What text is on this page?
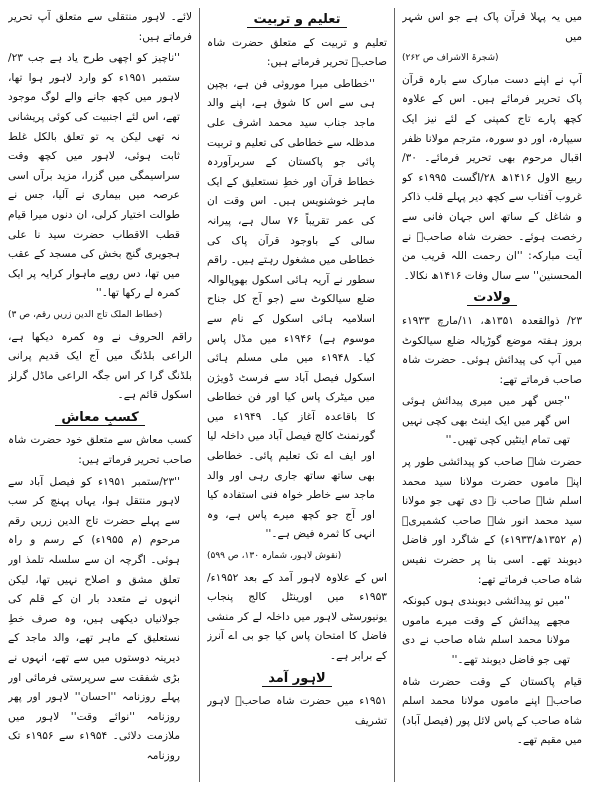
میں یہ پہلا قرآن پاک ہے جو اس شہر میں

(شجرۃ الاشراف ص ۲۶۲)

آپ نے اپنے دست مبارک سے بارہ قرآن پاک تحریر فرمائے ہیں۔ اس کے علاوہ کچھ پارے تاج کمپنی کے لئے نیز ایک سیپارہ، اور دو سورہ، مترجم مولانا ظفر اقبال مرحوم بھی تحریر فرمائے۔ ۳۰/ ربیع الاول ۱۴۱۶ھ ۲۸/اگست ۱۹۹۵ء کو غروب آفتاب سے کچھ دیر پہلے قلب ذاکر و شاغل کے ساتھ اس جہان فانی سے رخصت ہوئے۔ حضرت شاہ صاحبؒ نے آیت مبارکہ: ''ان رحمت اللہ قریب من المحسنین'' سے سال وفات ۱۴۱۶ھ نکالا۔

ولادت

۲۳/ ذوالقعدہ ۱۳۵۱ھ، ۱۱/مارچ ۱۹۳۳ء بروز ہفتہ موضع گوڑیالہ ضلع سیالکوٹ میں آپ کی پیدائش ہوئی۔ حضرت شاہ صاحب فرماتے تھے:

''جس گھر میں میری پیدائش ہوئی اس گھر میں ایک اینٹ بھی کچی نہیں تھی تمام اینٹیں کچی تھیں۔''

حضرت شاہ صاحب کو پیدائشی طور پر اپنے ماموں حضرت مولانا سید محمد اسلم شاہ صاحب نے دی تھی جو مولانا سید محمد انور شاہ صاحب کشمیریؒ (م ۱۳۵۲ھ/۱۹۳۳ء) کے شاگرد اور فاضل دیوبند تھے۔ اسی بنا پر حضرت نفیس شاہ صاحب فرماتے تھے:

''میں تو پیدائشی دیوبندی ہوں کیونکہ مجھے پیدائش کے وقت میرے ماموں مولانا محمد اسلم شاہ صاحب نے دی تھی جو فاضل دیوبند تھے۔''

قیام پاکستان کے وقت حضرت شاہ صاحبؒ اپنے ماموں مولانا محمد اسلم شاہ صاحب کے پاس لائل پور (فیصل آباد) میں مقیم تھے۔

تعلیم و تربیت

تعلیم و تربیت کے متعلق حضرت شاہ صاحبؒ تحریر فرماتے ہیں:

''خطاطی میرا موروثی فن ہے، بچپن ہی سے اس کا شوق ہے، اپنے والد ماجد جناب سید محمد اشرف علی مدظلہ سے خطاطی کی تعلیم و تربیت پائی جو پاکستان کے سربرآوردہ خطاط قرآن اور خطِ نستعلیق کے ایک ماہر خوشنویس ہیں۔ اس وقت ان کی عمر تقریباً ۷۶ سال ہے، پیرانہ سالی کے باوجود قرآن پاک کی خطاطی میں مشغول رہتے ہیں۔ راقم سطور نے آریہ ہائی اسکول بھوپالوالہ ضلع سیالکوٹ سے (جو آج کل جناح اسلامیہ ہائی اسکول کے نام سے موسوم ہے) ۱۹۴۶ء میں مڈل پاس کیا۔ ۱۹۴۸ء میں ملی مسلم ہائی اسکول فیصل آباد سے فرسٹ ڈویژن میں میٹرک پاس کیا اور فن خطاطی کا باقاعدہ آغاز کیا۔ ۱۹۴۹ء میں گورنمنٹ کالج فیصل آباد میں داخلہ لیا اور ایف اے تک تعلیم پائی۔ خطاطی بھی ساتھ ساتھ جاری رہی اور والد ماجد سے خاطر خواہ فنی استفادہ کیا اور آج جو کچھ میرے پاس ہے، وہ انہی کا ثمرہ فیض ہے۔''

(نقوش لاہور، شمارہ ۱۳۰، ص ۵۹۹)

اس کے علاوہ لاہور آمد کے بعد ۱۹۵۲ء/۱۹۵۳ء میں اورینٹل کالج پنجاب یونیورسٹی لاہور میں داخلہ لے کر منشی فاضل کا امتحان پاس کیا جو بی اے آنرز کے برابر ہے۔

لاہور آمد

۱۹۵۱ء میں حضرت شاہ صاحبؒ لاہور تشریف

لائے۔ لاہور منتقلی سے متعلق آپ تحریر فرماتے ہیں:

''ناچیز کو اچھی طرح یاد ہے جب ۲۳/ستمبر ۱۹۵۱ء کو وارد لاہور ہوا تھا، لاہور میں کچھ جانے والے لوگ موجود تھے، اس لئے اجنبیت کی کوئی پریشانی نہ تھی لیکن یہ تو تعلق بالکل غلط ثابت ہوئی، لاہور میں کچھ وقت سراسیمگی میں گزرا، مزید برآں اسی عرصہ میں بیماری نے آلیا، جس نے طوالت اختیار کرلی، ان دنوں میرا قیام قطب الاقطاب حضرت سید نا علی ہجویری گنج بخش کی مسجد کے عقب میں تھا، دس روپے ماہوار کرایہ پر ایک کمرہ لے رکھا تھا۔''

(خطاط الملک تاج الدین زریں رقم، ص ۳)

راقم الحروف نے وہ کمرہ دیکھا ہے، الراعی بلڈنگ میں آج ایک قدیم پرانی بلڈنگ گرا کر اس جگہ الراعی ماڈل گرلز اسکول قائم ہے۔

کسبِ معاش

کسب معاش سے متعلق خود حضرت شاہ صاحب تحریر فرماتے ہیں:

''۲۳/ستمبر ۱۹۵۱ء کو فیصل آباد سے لاہور منتقل ہوا، یہاں پہنچ کر سب سے پہلے حضرت تاج الدین زریں رقم مرحوم (م ۱۹۵۵ء) کے رسم و راہ ہوئی۔ اگرچہ ان سے سلسلہ تلمذ اور تعلق مشق و اصلاح نہیں تھا، لیکن انہوں نے متعدد بار ان کے قلم کی جولانیاں دیکھی ہیں، وہ صرف خطِ نستعلیق کے ماہر تھے، والد ماجد کے دیرینہ دوستوں میں سے تھے، انہوں نے بڑی شفقت سے سرپرستی فرمائی اور پہلے روزنامہ ''احسان'' لاہور اور پھر روزنامہ ''نوائے وقت'' لاہور میں ملازمت دلائی۔ ۱۹۵۴ء سے ۱۹۵۶ء تک روزنامہ
